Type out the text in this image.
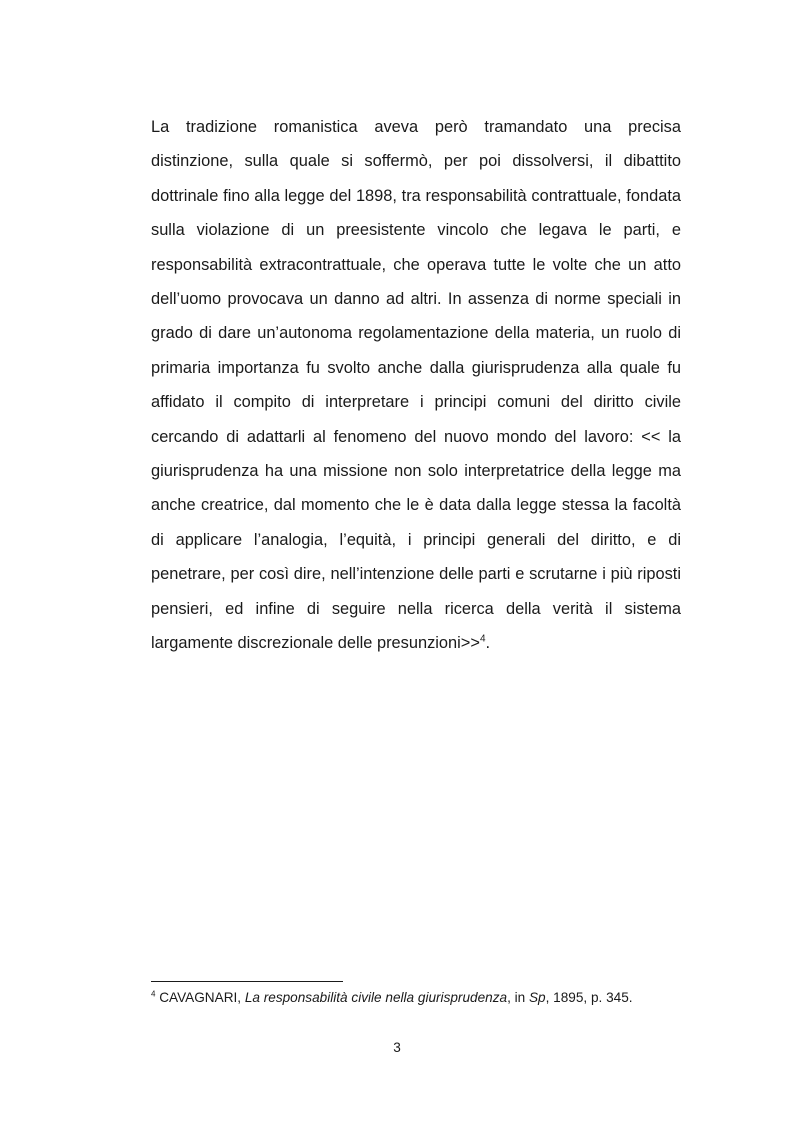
La tradizione romanistica aveva però tramandato una precisa distinzione, sulla quale si soffermò, per poi dissolversi, il dibattito dottrinale fino alla legge del 1898, tra responsabilità contrattuale, fondata sulla violazione di un preesistente vincolo che legava le parti, e responsabilità extracontrattuale, che operava tutte le volte che un atto dell’uomo provocava un danno ad altri. In assenza di norme speciali in grado di dare un’autonoma regolamentazione della materia, un ruolo di primaria importanza fu svolto anche dalla giurisprudenza alla quale fu affidato il compito di interpretare i principi comuni del diritto civile cercando di adattarli al fenomeno del nuovo mondo del lavoro: << la giurisprudenza ha una missione non solo interpretatrice della legge ma anche creatrice, dal momento che le è data dalla legge stessa la facoltà di applicare l’analogia, l’equità, i principi generali del diritto, e di penetrare, per così dire, nell’intenzione delle parti e scrutarne i più riposti pensieri, ed infine di seguire nella ricerca della verità il sistema largamente discrezionale delle presunzioni>>$^4$.

$^4$ CAVAGNARI, La responsabilità civile nella giurisprudenza, in Sp, 1895, p. 345.

3
